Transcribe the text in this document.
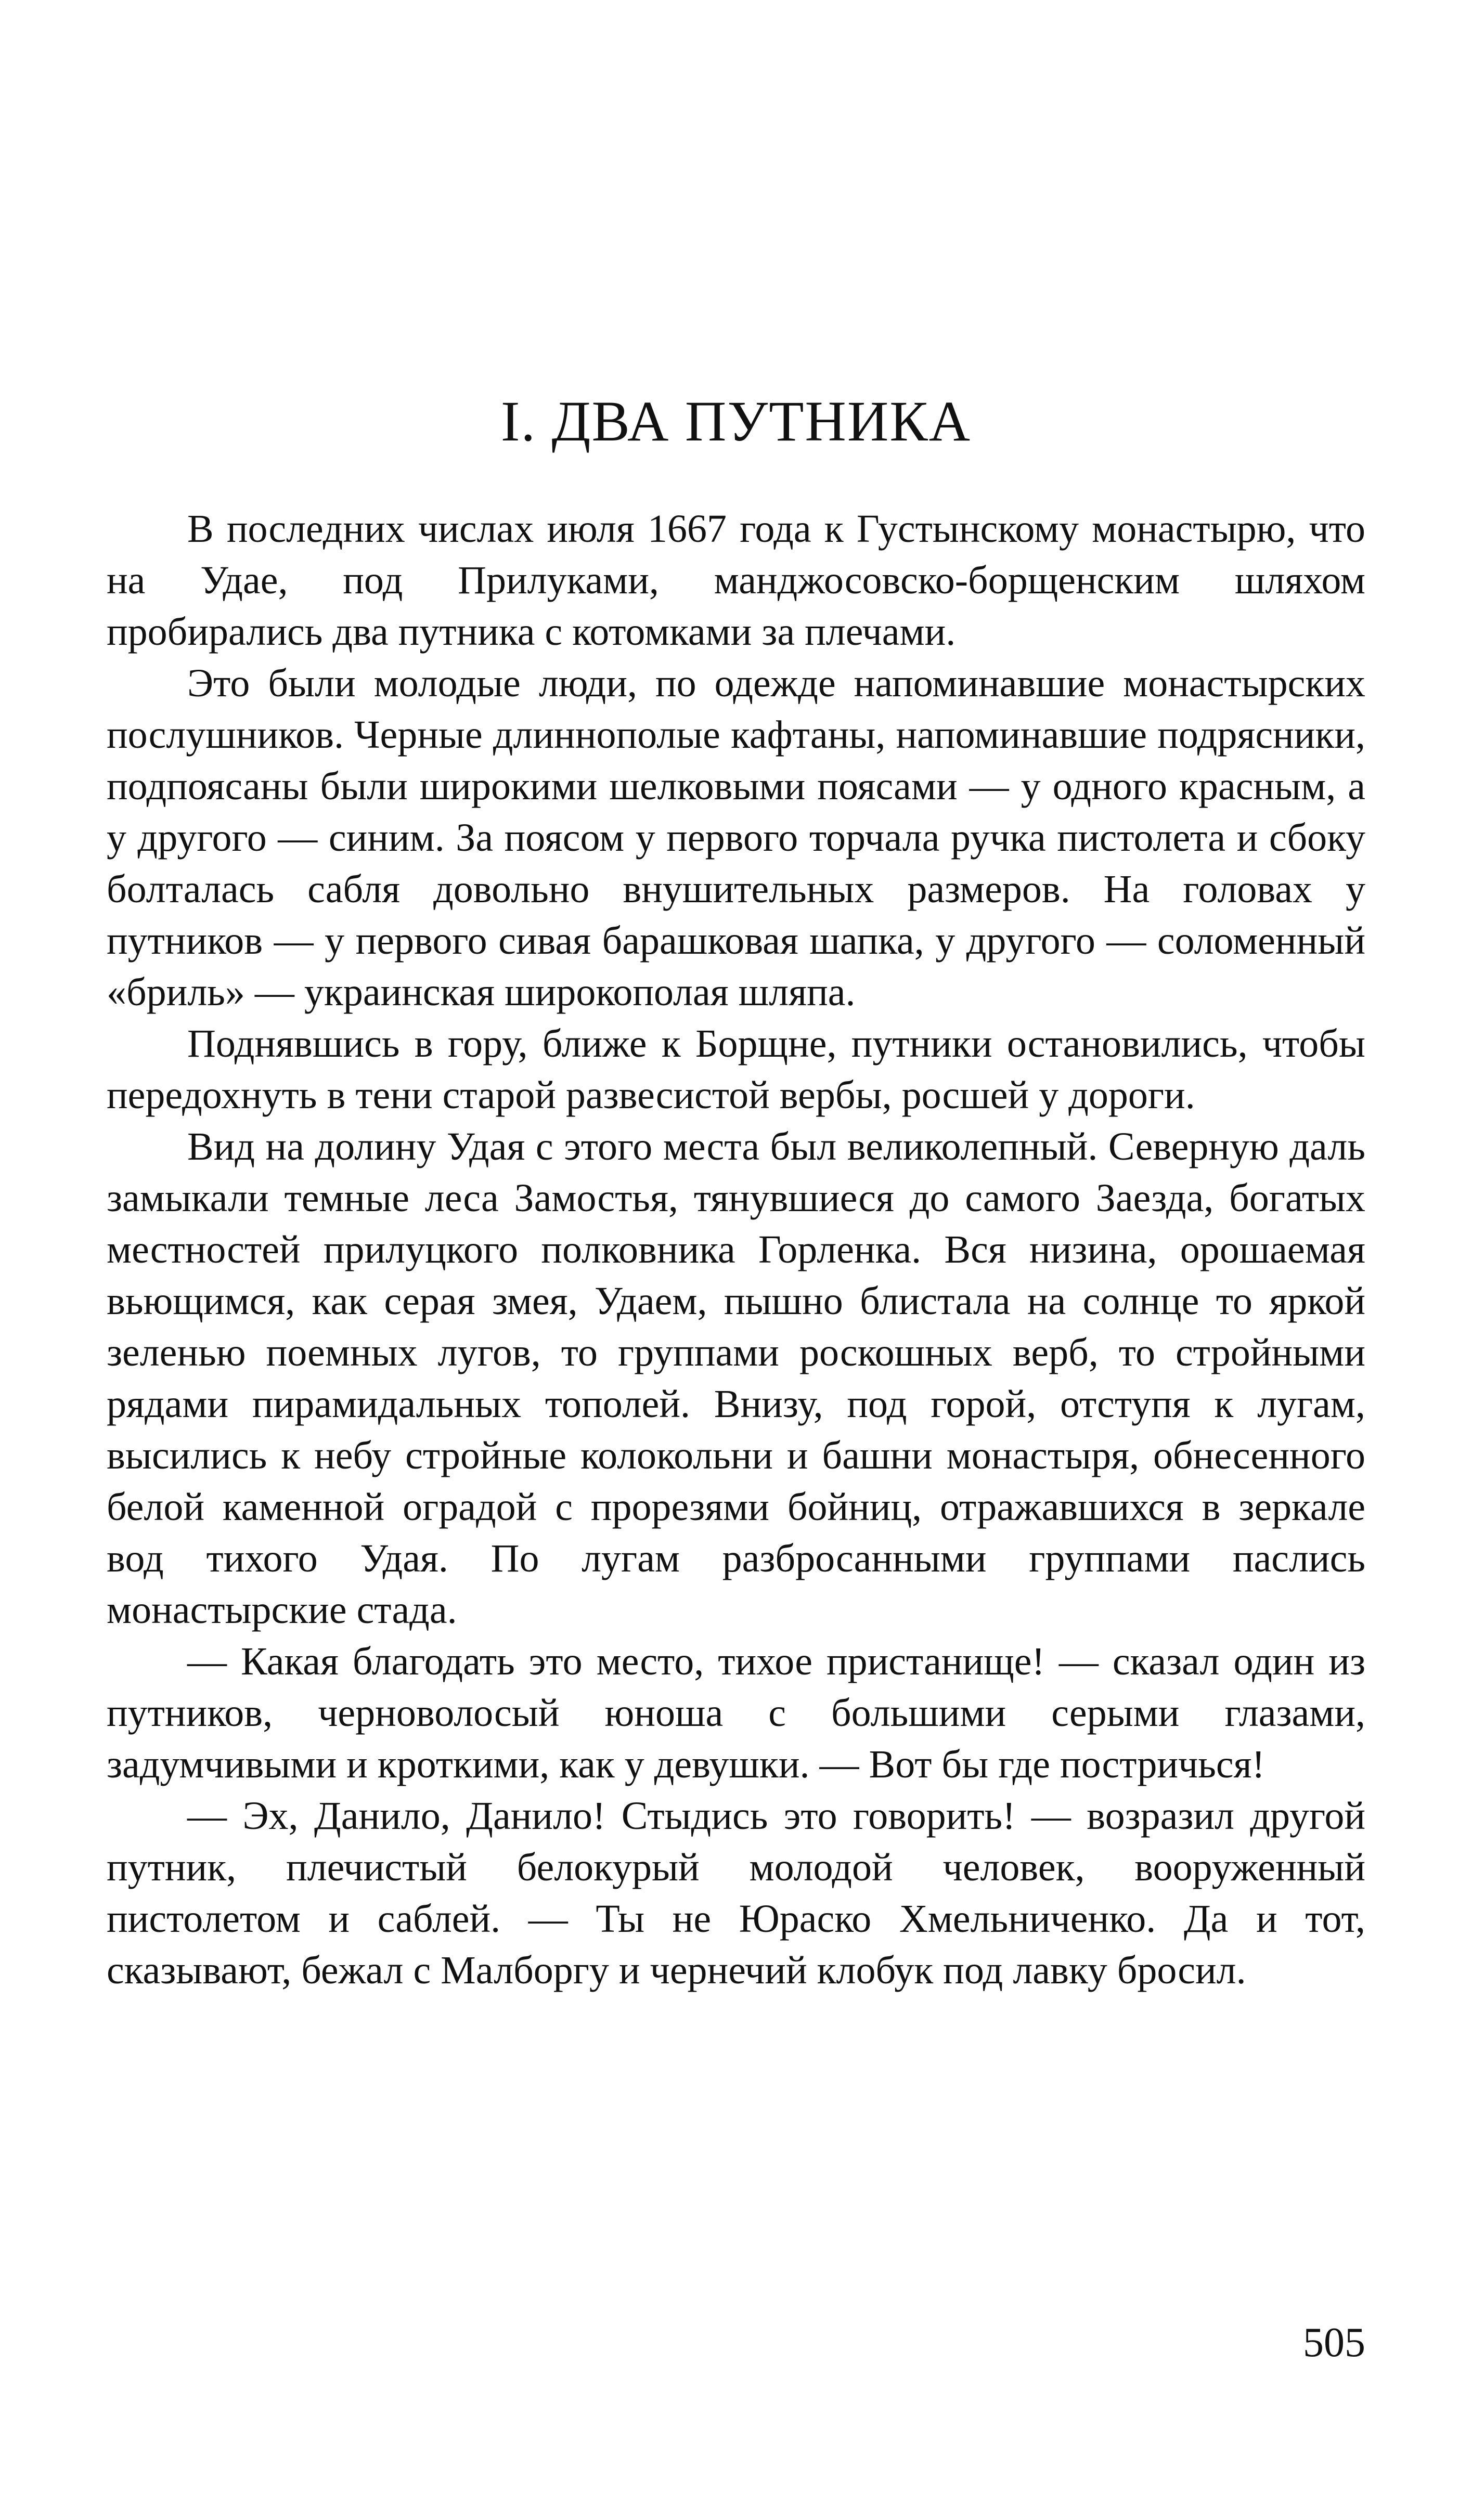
I. ДВА ПУТНИКА

В последних числах июля 1667 года к Густынскому монастырю, что на Удае, под Прилуками, манджосовско-борщенским шляхом пробирались два путника с котомками за плечами.

Это были молодые люди, по одежде напоминавшие монастырских послушников. Черные длиннополые кафтаны, напоминавшие подрясники, подпоясаны были широкими шелковыми поясами — у одного красным, а у другого — синим. За поясом у первого торчала ручка пистолета и сбоку болталась сабля довольно внушительных размеров. На головах у путников — у первого сивая барашковая шапка, у другого — соломенный «бриль» — украинская широкополая шляпа.

Поднявшись в гору, ближе к Борщне, путники остановились, чтобы передохнуть в тени старой развесистой вербы, росшей у дороги.

Вид на долину Удая с этого места был великолепный. Северную даль замыкали темные леса Замостья, тянувшиеся до самого Заезда, богатых местностей прилуцкого полковника Горленка. Вся низина, орошаемая вьющимся, как серая змея, Удаем, пышно блистала на солнце то яркой зеленью поемных лугов, то группами роскошных верб, то стройными рядами пирамидальных тополей. Внизу, под горой, отступя к лугам, высились к небу стройные колокольни и башни монастыря, обнесенного белой каменной оградой с прорезями бойниц, отражавшихся в зеркале вод тихого Удая. По лугам разбросанными группами паслись монастырские стада.

— Какая благодать это место, тихое пристанище! — сказал один из путников, черноволосый юноша с большими серыми глазами, задумчивыми и кроткими, как у девушки. — Вот бы где постричься!

— Эх, Данило, Данило! Стыдись это говорить! — возразил другой путник, плечистый белокурый молодой человек, вооруженный пистолетом и саблей. — Ты не Юраско Хмельниченко. Да и тот, сказывают, бежал с Малборгу и чернечий клобук под лавку бросил.

505
